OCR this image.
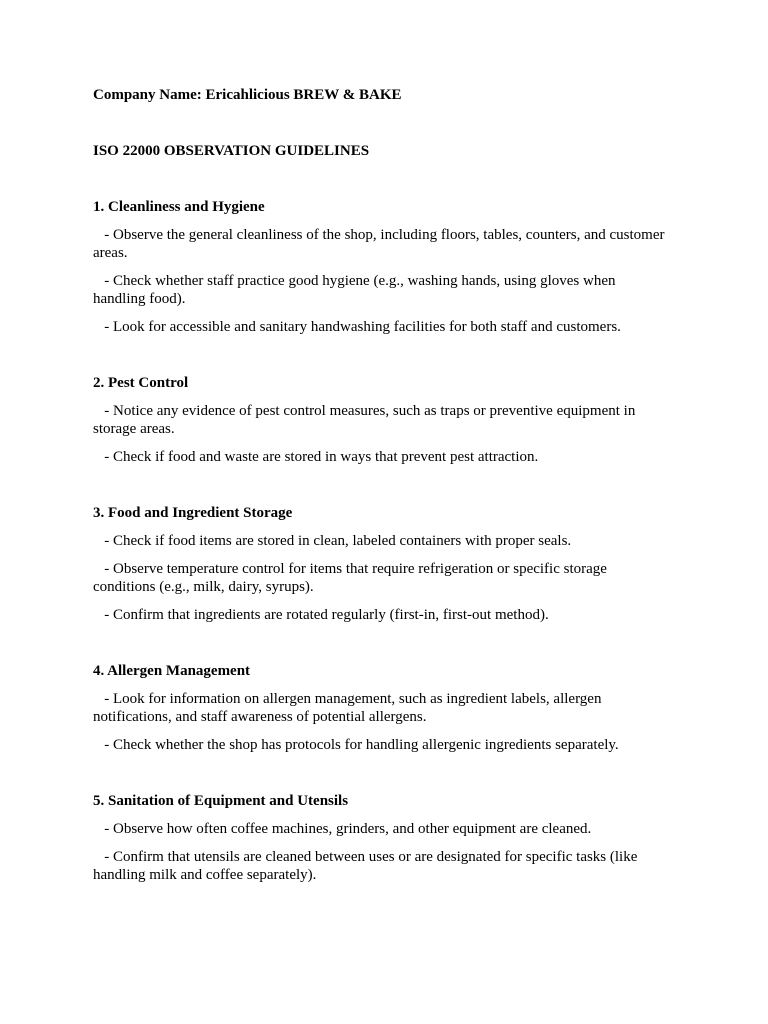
Company Name: Ericahlicious BREW & BAKE

ISO 22000 OBSERVATION GUIDELINES

1. Cleanliness and Hygiene

- Observe the general cleanliness of the shop, including floors, tables, counters, and customer areas.

- Check whether staff practice good hygiene (e.g., washing hands, using gloves when handling food).

- Look for accessible and sanitary handwashing facilities for both staff and customers.

2. Pest Control

- Notice any evidence of pest control measures, such as traps or preventive equipment in storage areas.

- Check if food and waste are stored in ways that prevent pest attraction.

3. Food and Ingredient Storage

- Check if food items are stored in clean, labeled containers with proper seals.

- Observe temperature control for items that require refrigeration or specific storage conditions (e.g., milk, dairy, syrups).

- Confirm that ingredients are rotated regularly (first-in, first-out method).

4. Allergen Management

- Look for information on allergen management, such as ingredient labels, allergen notifications, and staff awareness of potential allergens.

- Check whether the shop has protocols for handling allergenic ingredients separately.

5. Sanitation of Equipment and Utensils

- Observe how often coffee machines, grinders, and other equipment are cleaned.

- Confirm that utensils are cleaned between uses or are designated for specific tasks (like handling milk and coffee separately).
